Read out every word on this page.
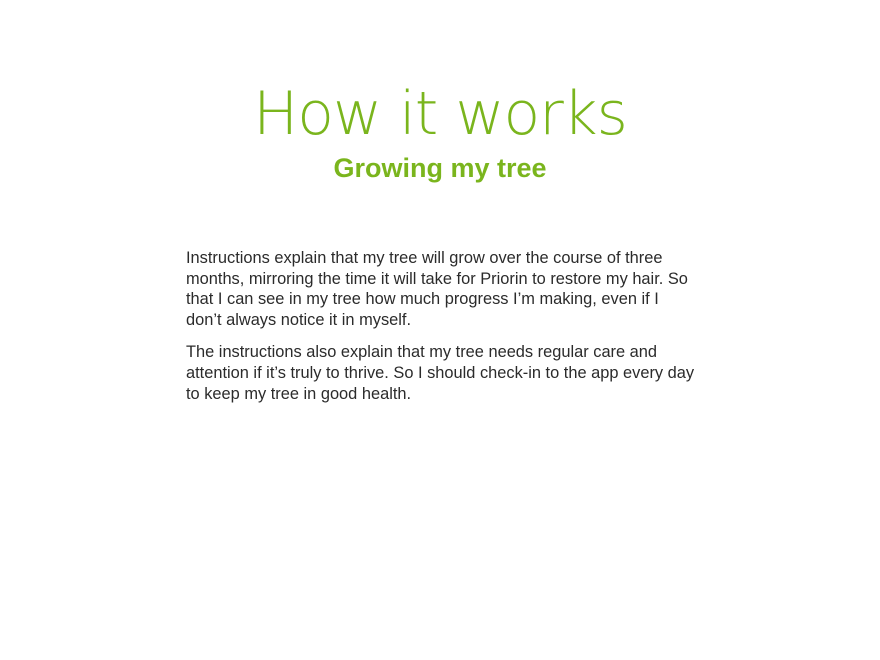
How it works
Growing my tree

Instructions explain that my tree will grow over the course of three months, mirroring the time it will take for Priorin to restore my hair. So that I can see in my tree how much progress I’m making, even if I don’t always notice it in myself.

The instructions also explain that my tree needs regular care and attention if it’s truly to thrive. So I should check-in to the app every day to keep my tree in good health.
